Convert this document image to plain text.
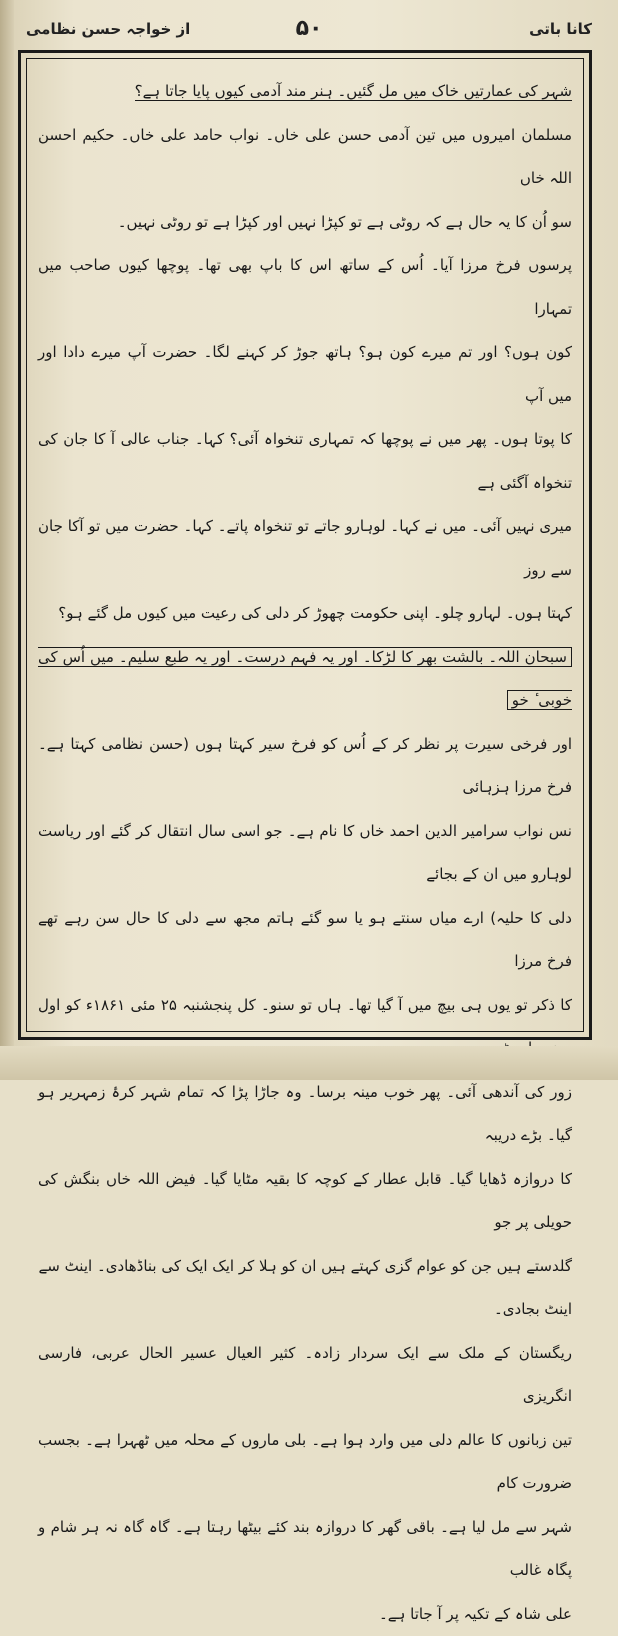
کانا باتی
۵۰
از خواجہ حسن نظامی

شہر کی عمارتیں خاک میں مل گئیں۔ ہنر مند آدمی کیوں پایا جاتا ہے؟

مسلمان امیروں میں تین آدمی حسن علی خاں۔ نواب حامد علی خاں۔ حکیم احسن اللہ خاں

سو اُن کا یہ حال ہے کہ روٹی ہے تو کپڑا نہیں اور کپڑا ہے تو روٹی نہیں۔

پرسوں فرخ مرزا آیا۔ اُس کے ساتھ اس کا باپ بھی تھا۔ پوچھا کیوں صاحب میں تمہارا

کون ہوں؟ اور تم میرے کون ہو؟ ہاتھ جوڑ کر کہنے لگا۔ حضرت آپ میرے دادا اور میں آپ

کا پوتا ہوں۔ پھر میں نے پوچھا کہ تمہاری تنخواہ آئی؟ کہا۔ جناب عالی آ کا جان کی تنخواہ آگئی ہے

میری نہیں آئی۔ میں نے کہا۔ لوہارو جاتے تو تنخواہ پاتے۔ کہا۔ حضرت میں تو آکا جان سے روز

کہتا ہوں۔ لہارو چلو۔ اپنی حکومت چھوڑ کر دلی کی رعیت میں کیوں مل گئے ہو؟

سبحان اللہ۔ بالشت بھر کا لڑکا۔ اور یہ فہم درست۔ اور یہ طبع سلیم۔ میں اُس کی خوبی ٔ خو

اور فرخی سیرت پر نظر کر کے اُس کو فرخ سیر کہتا ہوں (حسن نظامی کہتا ہے۔ فرخ مرزا ہزہائی

نس نواب سرامیر الدین احمد خاں کا نام ہے۔ جو اسی سال انتقال کر گئے اور ریاست لوہارو میں ان کے بجائے

دلی کا حلیہ) ارے میاں سنتے ہو یا سو گئے ہاتم مجھ سے دلی کا حال سن رہے تھے فرخ مرزا

کا ذکر تو یوں ہی بیچ میں آ گیا تھا۔ ہاں تو سنو۔ کل پنجشنبہ ۲۵ مئی ۱۸۶۱ء کو اول

زور کی آندھی آئی۔ پھر خوب مینہ برسا۔ وہ جاڑا پڑا کہ تمام شہر کرۂ زمہریر ہو گیا۔ بڑے دریبہ

کا دروازہ ڈھایا گیا۔ قابل عطار کے کوچہ کا بقیہ مٹایا گیا۔ فیض اللہ خاں بنگش کی حویلی پر جو

گلدستے ہیں جن کو عوام گزی کہتے ہیں ان کو ہلا کر ایک ایک کی بناڈھادی۔ اینٹ سے

اینٹ بجادی۔

ریگستان کے ملک سے ایک سردار زادہ۔ کثیر العیال عسیر الحال عربی، فارسی انگریزی

تین زبانوں کا عالم دلی میں وارد ہوا ہے۔ بلی ماروں کے محلہ میں ٹھہرا ہے۔ بجسب ضرورت کام

شہر سے مل لیا ہے۔ باقی گھر کا دروازہ بند کئے بیٹھا رہتا ہے۔ گاہ گاہ نہ ہر شام و پگاہ غالب

علی شاہ کے تکیہ پر آ جاتا ہے۔
